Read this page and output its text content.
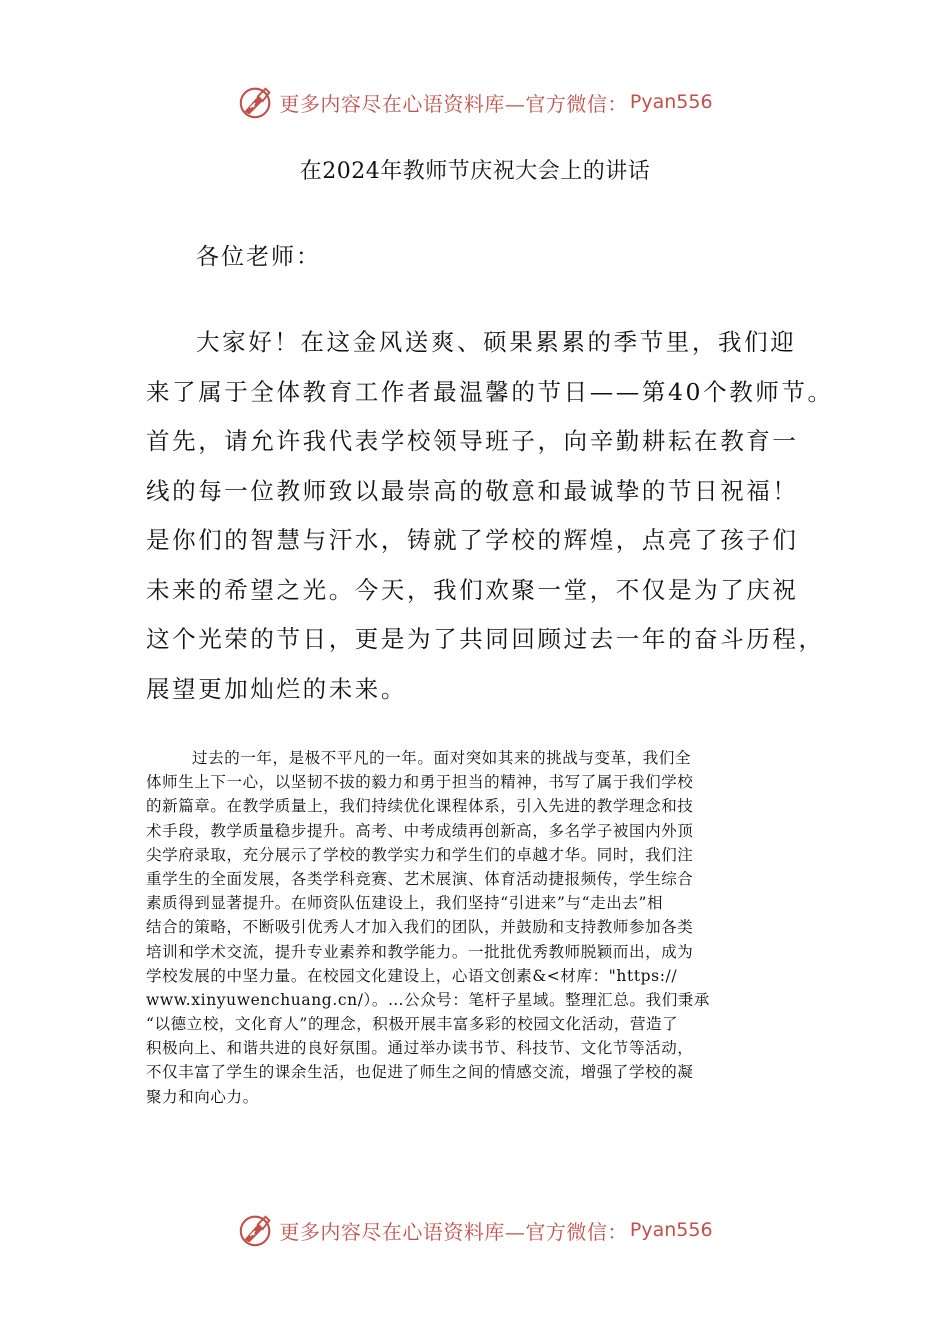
更多内容尽在心语资料库—官方微信： Pyan556
在2024年教师节庆祝大会上的讲话

各位老师：

大家好！在这金风送爽、硕果累累的季节里，我们迎
来了属于全体教育工作者最温馨的节日——第40个教师节。
首先，请允许我代表学校领导班子，向辛勤耕耘在教育一
线的每一位教师致以最崇高的敬意和最诚挚的节日祝福！
是你们的智慧与汗水，铸就了学校的辉煌，点亮了孩子们
未来的希望之光。今天，我们欢聚一堂，不仅是为了庆祝
这个光荣的节日，更是为了共同回顾过去一年的奋斗历程，
展望更加灿烂的未来。
过去的一年，是极不平凡的一年。面对突如其来的挑战与变革，我们全
体师生上下一心，以坚韧不拔的毅力和勇于担当的精神，书写了属于我们学校
的新篇章。在教学质量上，我们持续优化课程体系，引入先进的教学理念和技
术手段，教学质量稳步提升。高考、中考成绩再创新高，多名学子被国内外顶
尖学府录取，充分展示了学校的教学实力和学生们的卓越才华。同时，我们注
重学生的全面发展，各类学科竞赛、艺术展演、体育活动捷报频传，学生综合
素质得到显著提升。在师资队伍建设上，我们坚持“引进来”与“走出去”相
结合的策略，不断吸引优秀人才加入我们的团队，并鼓励和支持教师参加各类
培训和学术交流，提升专业素养和教学能力。一批批优秀教师脱颖而出，成为
学校发展的中坚力量。在校园文化建设上，心语文创素&<材库："https://
www.xinyuwenchuang.cn/）。…公众号：笔杆子星域。整理汇总。我们秉承
“以德立校，文化育人”的理念，积极开展丰富多彩的校园文化活动，营造了
积极向上、和谐共进的良好氛围。通过举办读书节、科技节、文化节等活动，
不仅丰富了学生的课余生活，也促进了师生之间的情感交流，增强了学校的凝
聚力和向心力。
更多内容尽在心语资料库—官方微信： Pyan556
